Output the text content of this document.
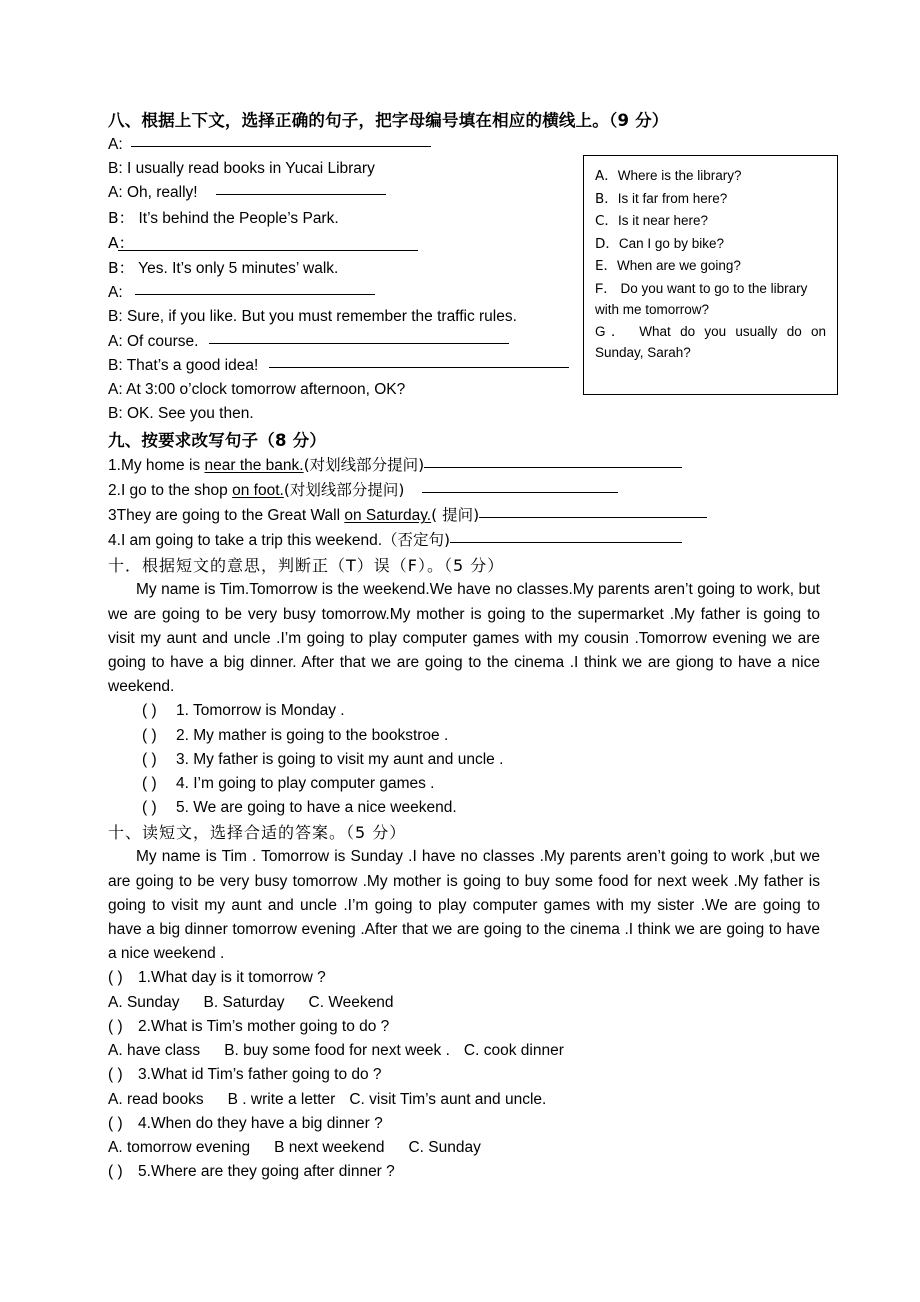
八、根据上下文，选择正确的句子，把字母编号填在相应的横线上。（9 分）
A:
B: I usually read books in Yucai Library
A: Oh, really!
B： It’s behind the People’s Park.
A：
B： Yes. It’s only 5 minutes’ walk.
A:
B: Sure, if you like. But you must remember the traffic rules.
A: Of course.
B: That’s a good idea!
A: At 3:00 o’clock tomorrow afternoon, OK?
B: OK. See you then.
A．Where is the library?
B．Is it far from here?
C．Is it near here?
D．Can I go by bike?
E．When are we going?
F． Do you want to go to the library
with me tomorrow?
G． What do you usually do on
Sunday, Sarah?
九、按要求改写句子（8 分）
1.My home is near the bank.(对划线部分提问)
2.I go to the shop on foot.(对划线部分提问)
3They are going to the Great Wall on Saturday.( 提问)
4.I am going to take a trip this weekend.（否定句)
十．根据短文的意思，判断正（T）误（F）。（5 分）
My name is Tim.Tomorrow is the weekend.We have no classes.My parents aren’t going to work, but we are going to be very busy tomorrow.My mother is going to the supermarket .My father is going to visit my aunt and uncle .I’m going to play computer games with my cousin .Tomorrow evening we are going to have a big dinner. After that we are going to the cinema .I think we are giong to have a nice weekend.
( ) 1. Tomorrow is Monday .
( ) 2. My mather is going to the bookstroe .
( ) 3. My father is going to visit my aunt and uncle .
( ) 4. I’m going to play computer games .
( ) 5. We are going to have a nice weekend.
十、读短文，选择合适的答案。（5 分）
My name is Tim . Tomorrow is Sunday .I have no classes .My parents aren’t going to work ,but we are going to be very busy tomorrow .My mother is going to buy some food for next week .My father is going to visit my aunt and uncle .I’m going to play computer games with my sister .We are going to have a big dinner tomorrow evening .After that we are going to the cinema .I think we are going to have a nice weekend .
( ) 1.What day is it tomorrow ?
A. Sunday B. Saturday C. Weekend
( ) 2.What is Tim’s mother going to do ?
A. have class B. buy some food for next week . C. cook dinner
( ) 3.What id Tim’s father going to do ?
A. read books B . write a letter C. visit Tim’s aunt and uncle.
( ) 4.When do they have a big dinner ?
A. tomorrow evening B next weekend C. Sunday
( ) 5.Where are they going after dinner ?
